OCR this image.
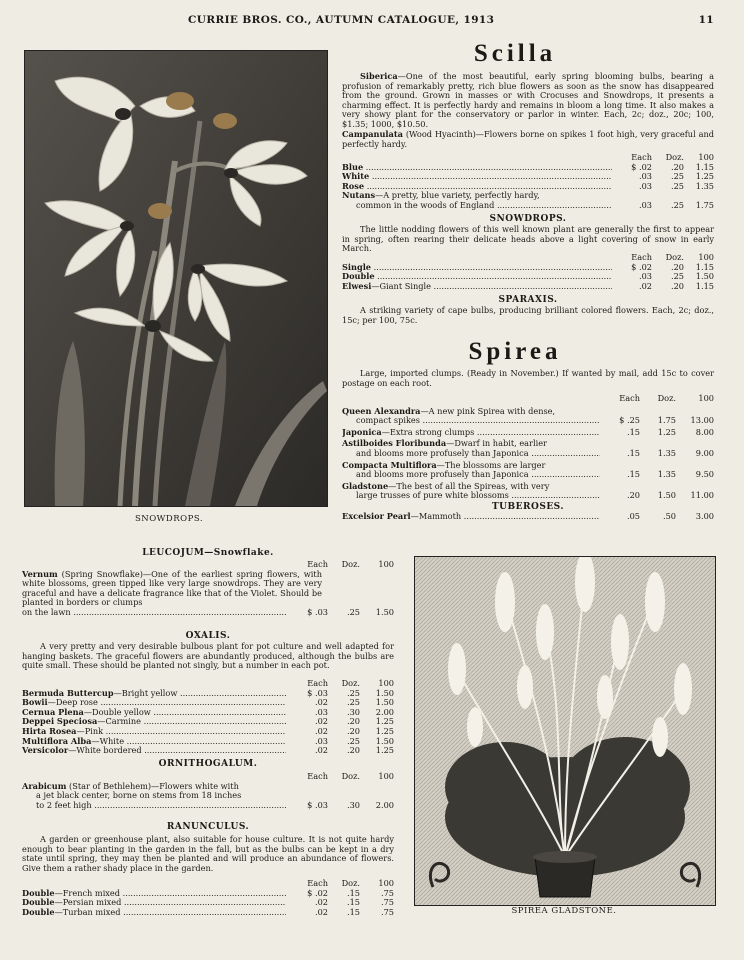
CURRIE BROS. CO., AUTUMN CATALOGUE, 1913	11
SNOWDROPS.
Scilla
Siberica—One of the most beautiful, early spring blooming bulbs, bearing a profusion of remarkably pretty, rich blue flowers as soon as the snow has disappeared from the ground. Grown in masses or with Crocuses and Snowdrops, it presents a charming effect. It is perfectly hardy and remains in bloom a long time. It also makes a very showy plant for the conservatory or parlor in winter. Each, 2c; doz., 20c; 100, $1.35; 1000, $10.50.
Campanulata (Wood Hyacinth)—Flowers borne on spikes 1 foot high, very graceful and perfectly hardy.
Each	Doz.	100
Blue .....	$ .02	.20	1.15
White .....	.03	.25	1.25
Rose .....	.03	.25	1.35
Nutans—A pretty, blue variety, perfectly hardy,
common in the woods of England .....	.03	.25	1.75
SNOWDROPS.
The little nodding flowers of this well known plant are generally the first to appear in spring, often rearing their delicate heads above a light covering of snow in early March.
Each	Doz.	100
Single .....	$ .02	.20	1.15
Double .....	.03	.25	1.50
Elwesi—Giant Single .....	.02	.20	1.15
SPARAXIS.
A striking variety of cape bulbs, producing brilliant colored flowers. Each, 2c; doz., 15c; per 100, 75c.
Spirea
Large, imported clumps. (Ready in November.) If wanted by mail, add 15c to cover postage on each root.
Each	Doz.	100
Queen Alexandra—A new pink Spirea with dense,
compact spikes .....	$ .25	1.75	13.00
Japonica—Extra strong clumps .....	.15	1.25	8.00
Astilboides Floribunda—Dwarf in habit, earlier
and blooms more profusely than Japonica .....	.15	1.35	9.00
Compacta Multiflora—The blossoms are larger
and blooms more profusely than Japonica .....	.15	1.35	9.50
Gladstone—The best of all the Spireas, with very
large trusses of pure white blossoms .....	.20	1.50	11.00
TUBEROSES.
Excelsior Pearl—Mammoth .....	.05	.50	3.00
LEUCOJUM—Snowflake.
Each	Doz.	100
Vernum (Spring Snowflake)—One of the earliest spring flowers, with white blossoms, green tipped like very large snowdrops. They are very graceful and have a delicate fragrance like that of the Violet. Should be planted in borders or clumps
on the lawn .....	$ .03	.25	1.50
OXALIS.
A very pretty and very desirable bulbous plant for pot culture and well adapted for hanging baskets. The graceful flowers are abundantly produced, although the bulbs are quite small. These should be planted not singly, but a number in each pot.
Each	Doz.	100
Bermuda Buttercup—Bright yellow .....	$ .03	.25	1.50
Bowii—Deep rose .....	.02	.25	1.50
Cernua Plena—Double yellow .....	.03	.30	2.00
Deppei Speciosa—Carmine .....	.02	.20	1.25
Hirta Rosea—Pink .....	.02	.20	1.25
Multiflora Alba—White .....	.03	.25	1.50
Versicolor—White bordered .....	.02	.20	1.25
ORNITHOGALUM.
Each	Doz.	100
Arabicum (Star of Bethlehem)—Flowers white with
a jet black center, borne on stems from 18 inches
to 2 feet high .....	$ .03	.30	2.00
RANUNCULUS.
A garden or greenhouse plant, also suitable for house culture. It is not quite hardy enough to bear planting in the garden in the fall, but as the bulbs can be kept in a dry state until spring, they may then be planted and will produce an abundance of flowers. Give them a rather shady place in the garden.
Each	Doz.	100
Double—French mixed .....	$ .02	.15	.75
Double—Persian mixed .....	.02	.15	.75
Double—Turban mixed .....	.02	.15	.75	SPIREA GLADSTONE.
